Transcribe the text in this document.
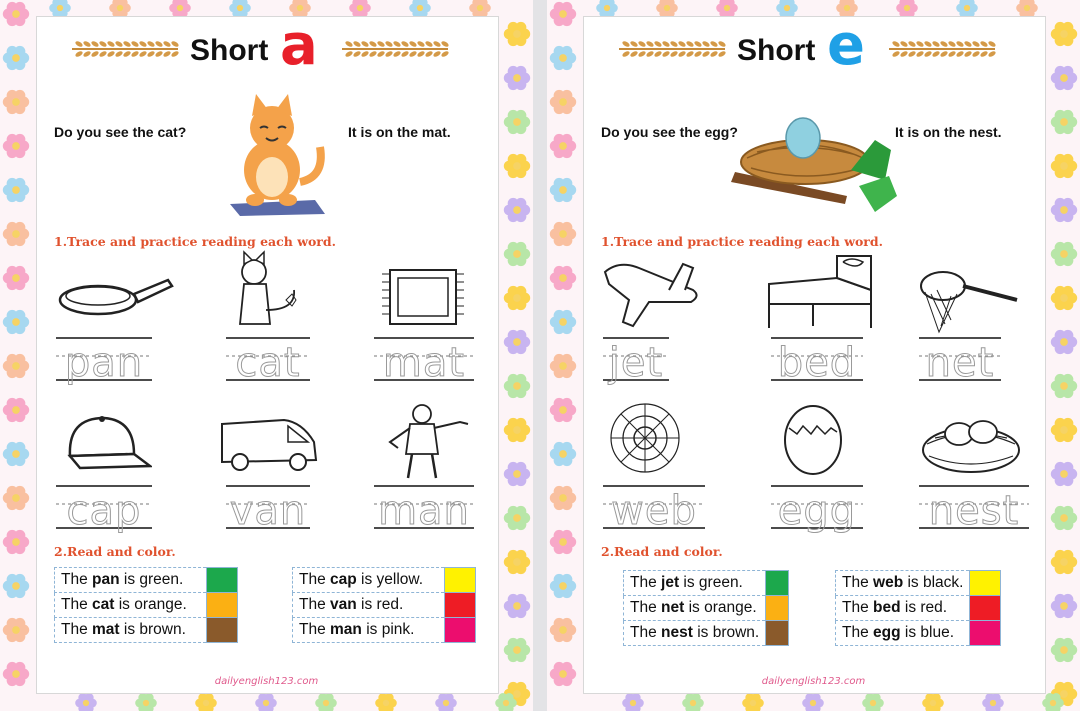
Short a
Do you see the cat?	It is on the mat.
1.Trace and practice reading each word.
pan cat mat
cap van man
2.Read and color.
The pan is green.	
The cat is orange.	
The mat is brown.	
The cap is yellow.	
The van is red.	
The man is pink.	
dailyenglish123.com
Short e
Do you see the egg?	It is on the nest.
1.Trace and practice reading each word.
jet	bed net
web egg nest
2.Read and color.
The jet is green.	
The net is orange.	
The nest is brown.	
The web is black.	
The bed is red.	
The egg is blue.	
dailyenglish123.com
